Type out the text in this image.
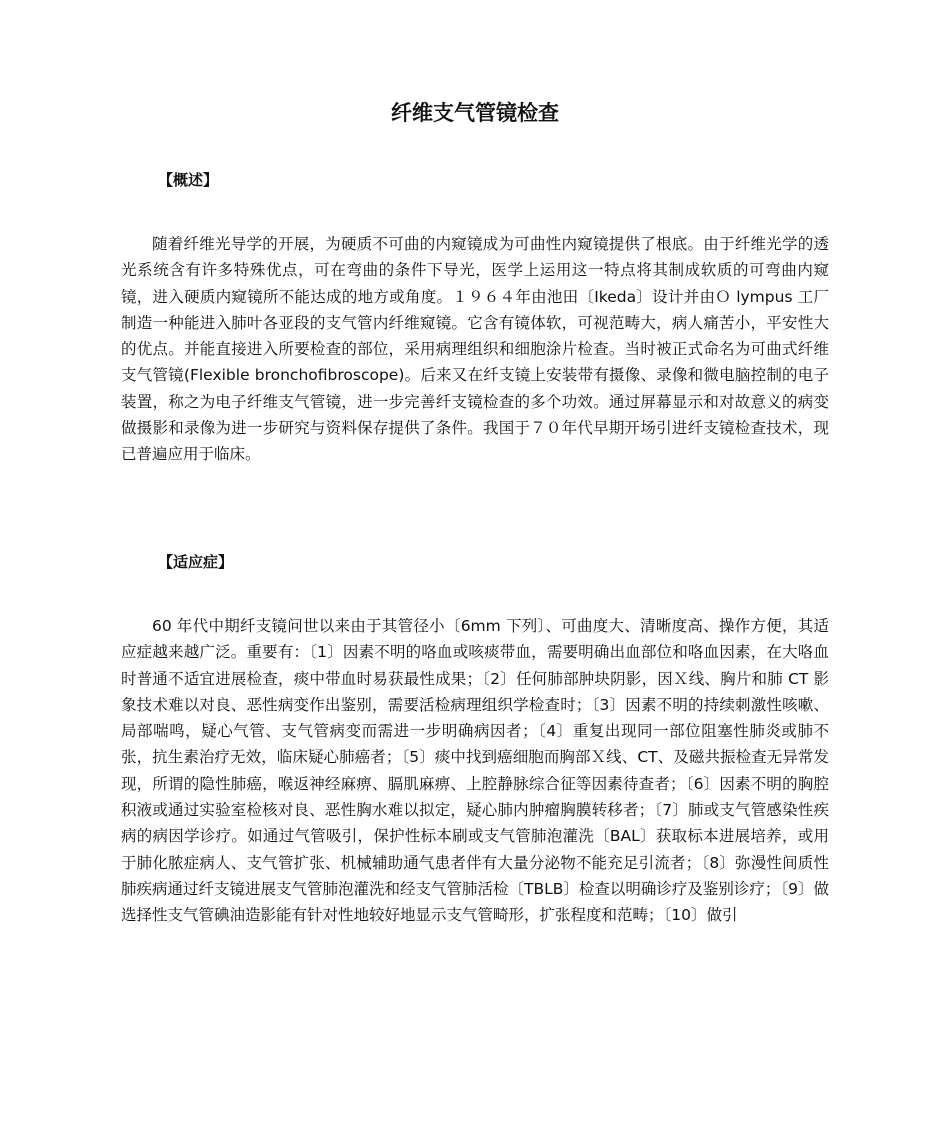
纤维支气管镜检查
【概述】

随着纤维光导学的开展，为硬质不可曲的内窥镜成为可曲性内窥镜提供了根底。由于纤维光学的透光系统含有许多特殊优点，可在弯曲的条件下导光，医学上运用这一特点将其制成软质的可弯曲内窥镜，进入硬质内窥镜所不能达成的地方或角度。１９６４年由池田〔Ikeda〕设计并由Ｏ lympus 工厂制造一种能进入肺叶各亚段的支气管内纤维窥镜。它含有镜体软，可视范畴大，病人痛苦小，平安性大的优点。并能直接进入所要检查的部位，采用病理组织和细胞涂片检查。当时被正式命名为可曲式纤维支气管镜(Flexible bronchofibroscope)。后来又在纤支镜上安装带有摄像、录像和微电脑控制的电子装置，称之为电子纤维支气管镜，进一步完善纤支镜检查的多个功效。通过屏幕显示和对故意义的病变做摄影和录像为进一步研究与资料保存提供了条件。我国于７０年代早期开场引进纤支镜检查技术，现已普遍应用于临床。

【适应症】

60 年代中期纤支镜问世以来由于其管径小〔6mm 下列〕、可曲度大、清晰度高、操作方便，其适应症越来越广泛。重要有：〔1〕因素不明的咯血或咳痰带血，需要明确出血部位和咯血因素，在大咯血时普通不适宜进展检查，痰中带血时易获最性成果；〔2〕任何肺部肿块阴影，因Ｘ线、胸片和肺 CT 影象技术难以对良、恶性病变作出鉴别，需要活检病理组织学检查时；〔3〕因素不明的持续刺激性咳嗽、局部喘鸣，疑心气管、支气管病变而需进一步明确病因者；〔4〕重复出现同一部位阻塞性肺炎或肺不张，抗生素治疗无效，临床疑心肺癌者；〔5〕痰中找到癌细胞而胸部Ｘ线、CT、及磁共振检查无异常发现，所谓的隐性肺癌，喉返神经麻痹、膈肌麻痹、上腔静脉综合征等因素待查者；〔6〕因素不明的胸腔积液或通过实验室检核对良、恶性胸水难以拟定，疑心肺内肿瘤胸膜转移者；〔7〕肺或支气管感染性疾病的病因学诊疗。如通过气管吸引，保护性标本刷或支气管肺泡灌洗〔BAL〕获取标本进展培养，或用于肺化脓症病人、支气管扩张、机械辅助通气患者伴有大量分泌物不能充足引流者；〔8〕弥漫性间质性肺疾病通过纤支镜进展支气管肺泡灌洗和经支气管肺活检〔TBLB〕检查以明确诊疗及鉴别诊疗；〔9〕做选择性支气管碘油造影能有针对性地较好地显示支气管畸形，扩张程度和范畴；〔10〕做引
